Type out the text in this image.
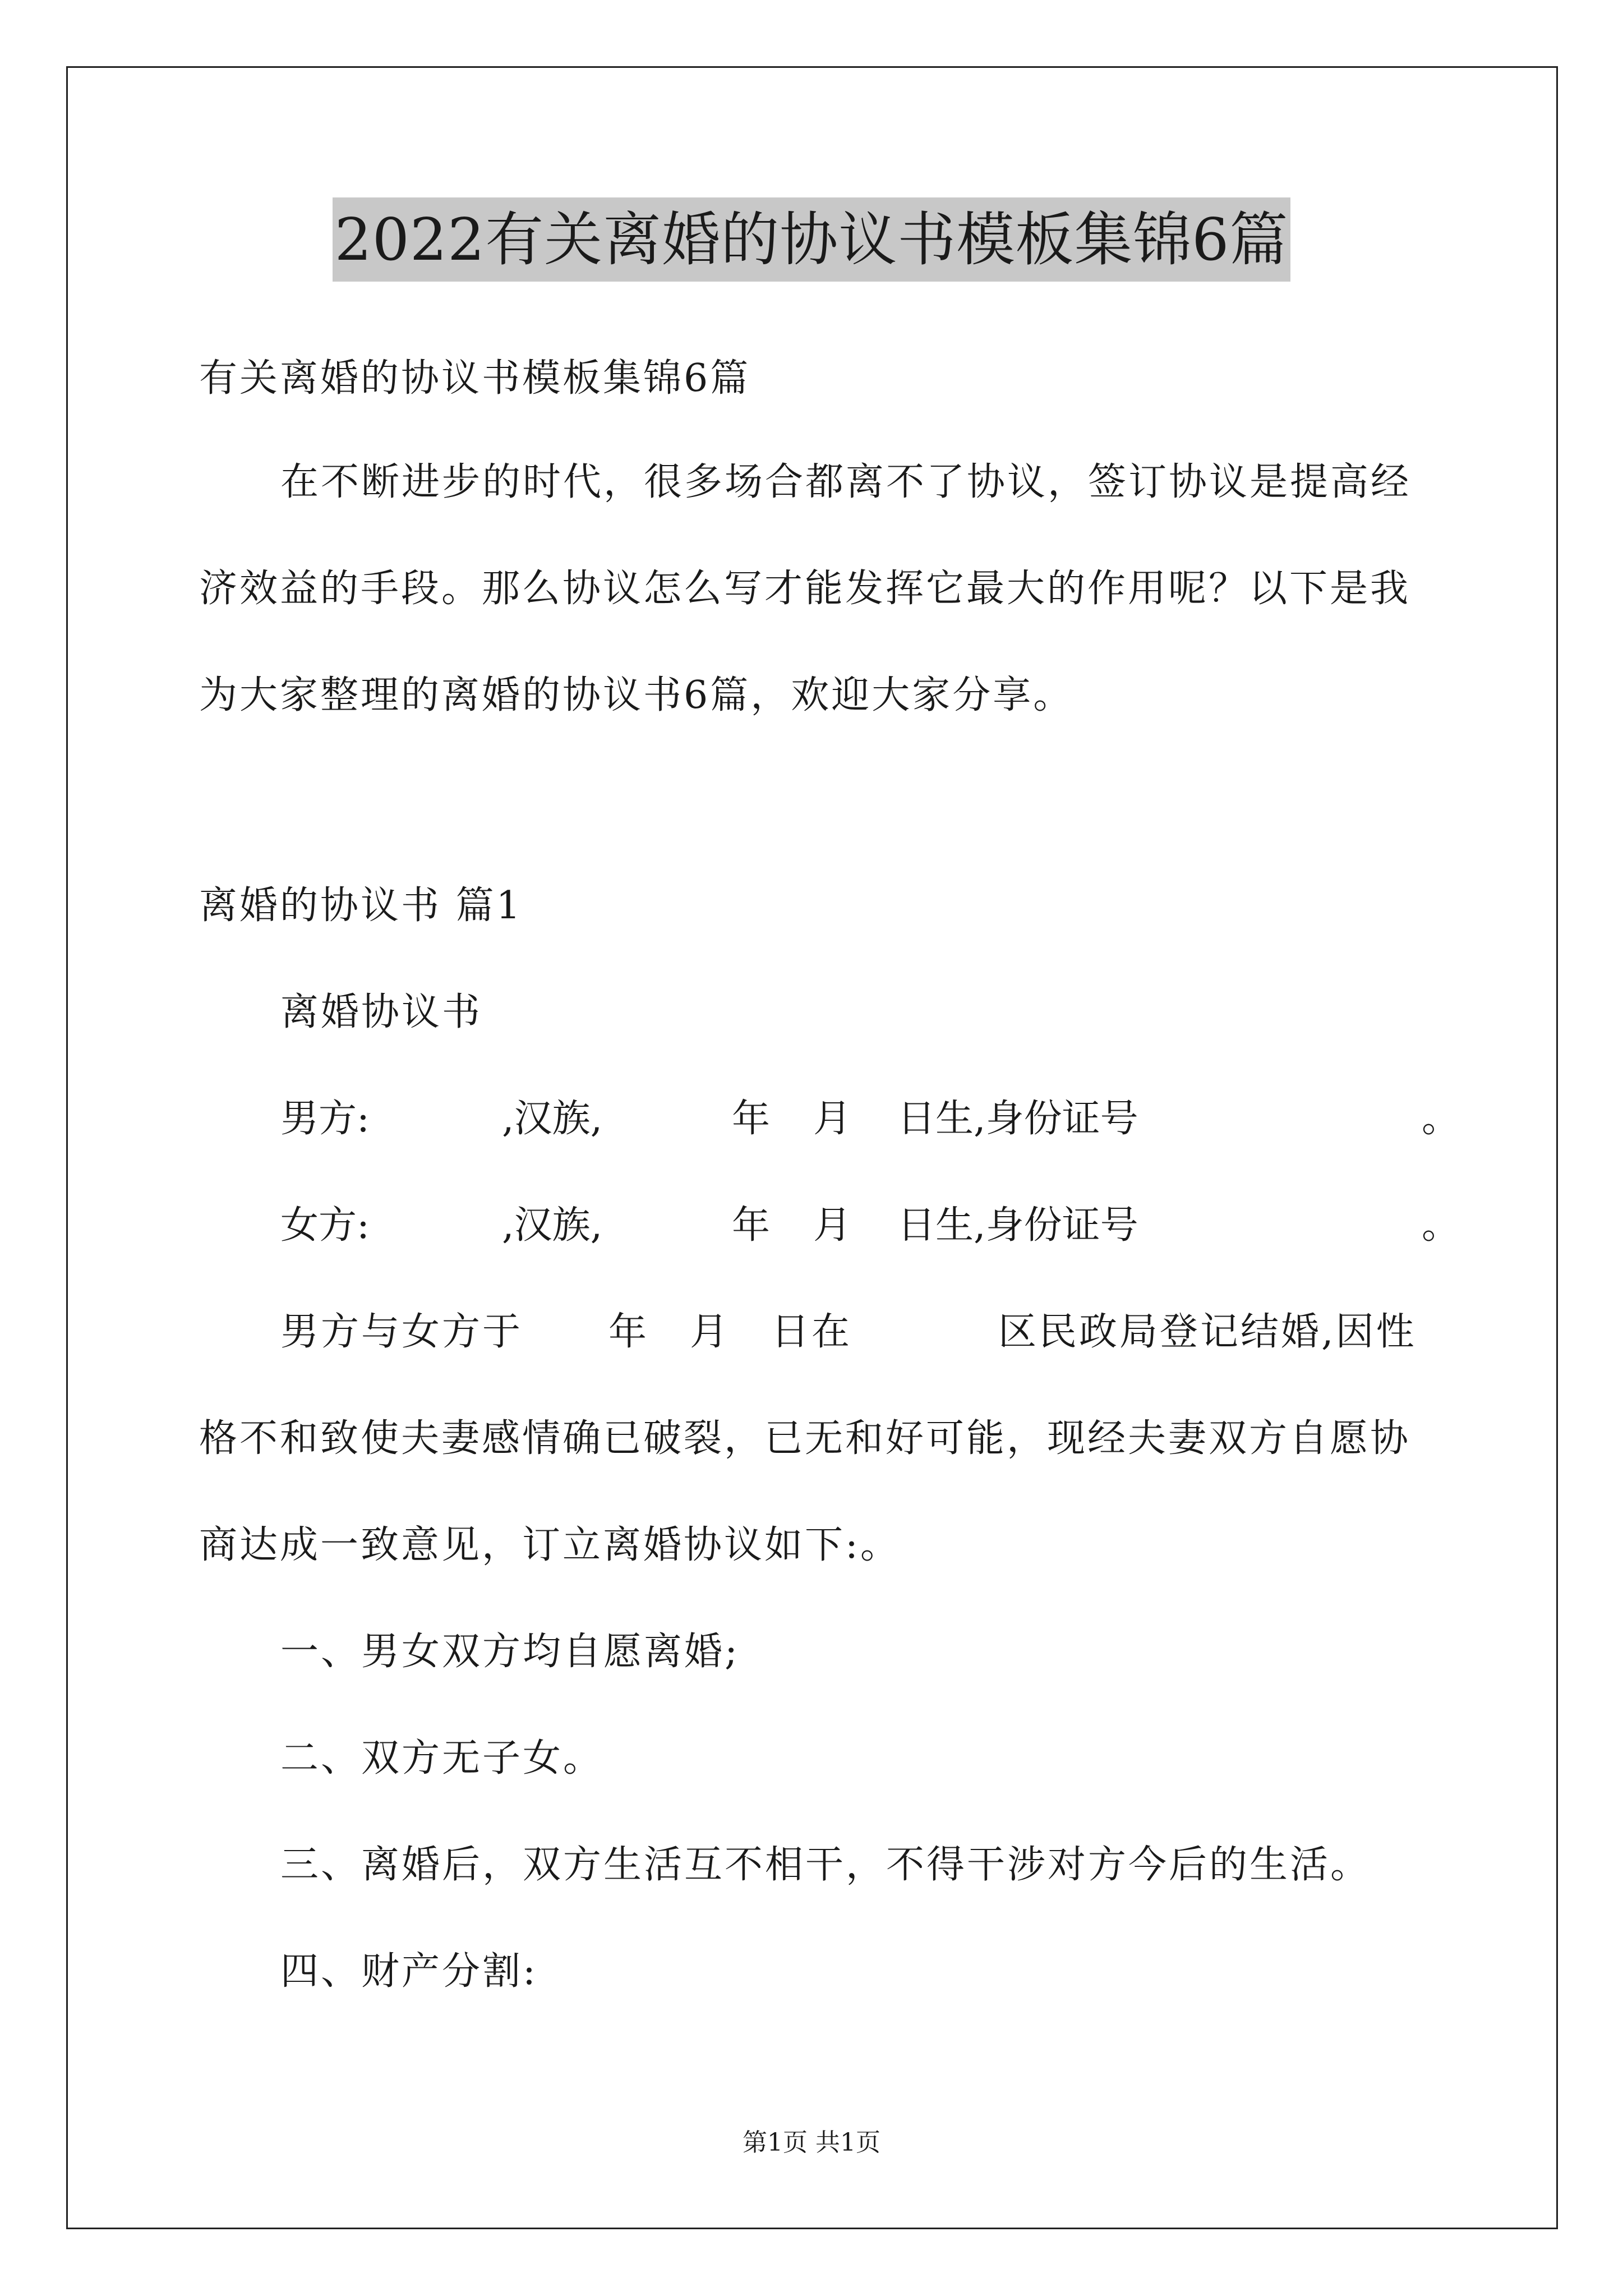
2022有关离婚的协议书模板集锦6篇
有关离婚的协议书模板集锦6篇
在不断进步的时代，很多场合都离不了协议，签订协议是提高经
济效益的手段。那么协议怎么写才能发挥它最大的作用呢？以下是我
为大家整理的离婚的协议书6篇，欢迎大家分享。
离婚的协议书 篇1
离婚协议书
男方:	,汉族,	年 月 日生,身份证号	。
女方:	,汉族,	年 月 日生,身份证号	。
男方与女方于 年 月 日在	区民政局登记结婚,因性
格不和致使夫妻感情确已破裂，已无和好可能，现经夫妻双方自愿协
商达成一致意见，订立离婚协议如下:。
一、男女双方均自愿离婚;
二、双方无子女。
三、离婚后，双方生活互不相干，不得干涉对方今后的生活。
四、财产分割:
第1页 共1页
